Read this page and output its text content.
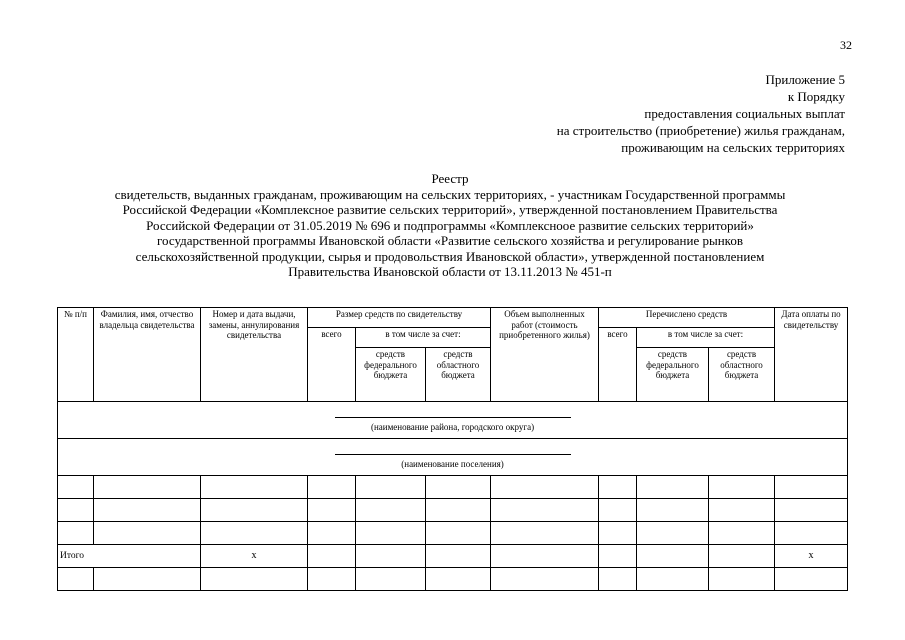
32
Приложение 5
к Порядку
предоставления социальных выплат
на строительство (приобретение) жилья гражданам,
проживающим на сельских территориях
Реестр
свидетельств, выданных гражданам, проживающим на сельских территориях, - участникам Государственной программы
Российской Федерации «Комплексное развитие сельских территорий», утвержденной постановлением Правительства
Российской Федерации от 31.05.2019 № 696 и подпрограммы «Комплексноое развитие сельских территорий»
государственной программы Ивановской области «Развитие сельского хозяйства и регулирование рынков
сельскохозяйственной продукции, сырья и продовольствия Ивановской области», утвержденной постановлением
Правительства Ивановской области от 13.11.2013 № 451-п
№ п/п	Фамилия, имя, отчество владельца свидетельства	Номер и дата выдачи, замены, аннулирования свидетельства	Размер средств по свидетельству			Объем выполненных работ (стоимость приобретенного жилья)	Перечислено средств			Дата оплаты по свидетельству
			всего	в том числе за счет:			всего	в том числе за счет:		
				средств федерального бюджета	средств областного бюджета			средств федерального бюджета	средств областного бюджета	

(наименование района, городского округа)										

(наименование поселения)										

Итого		х								х
